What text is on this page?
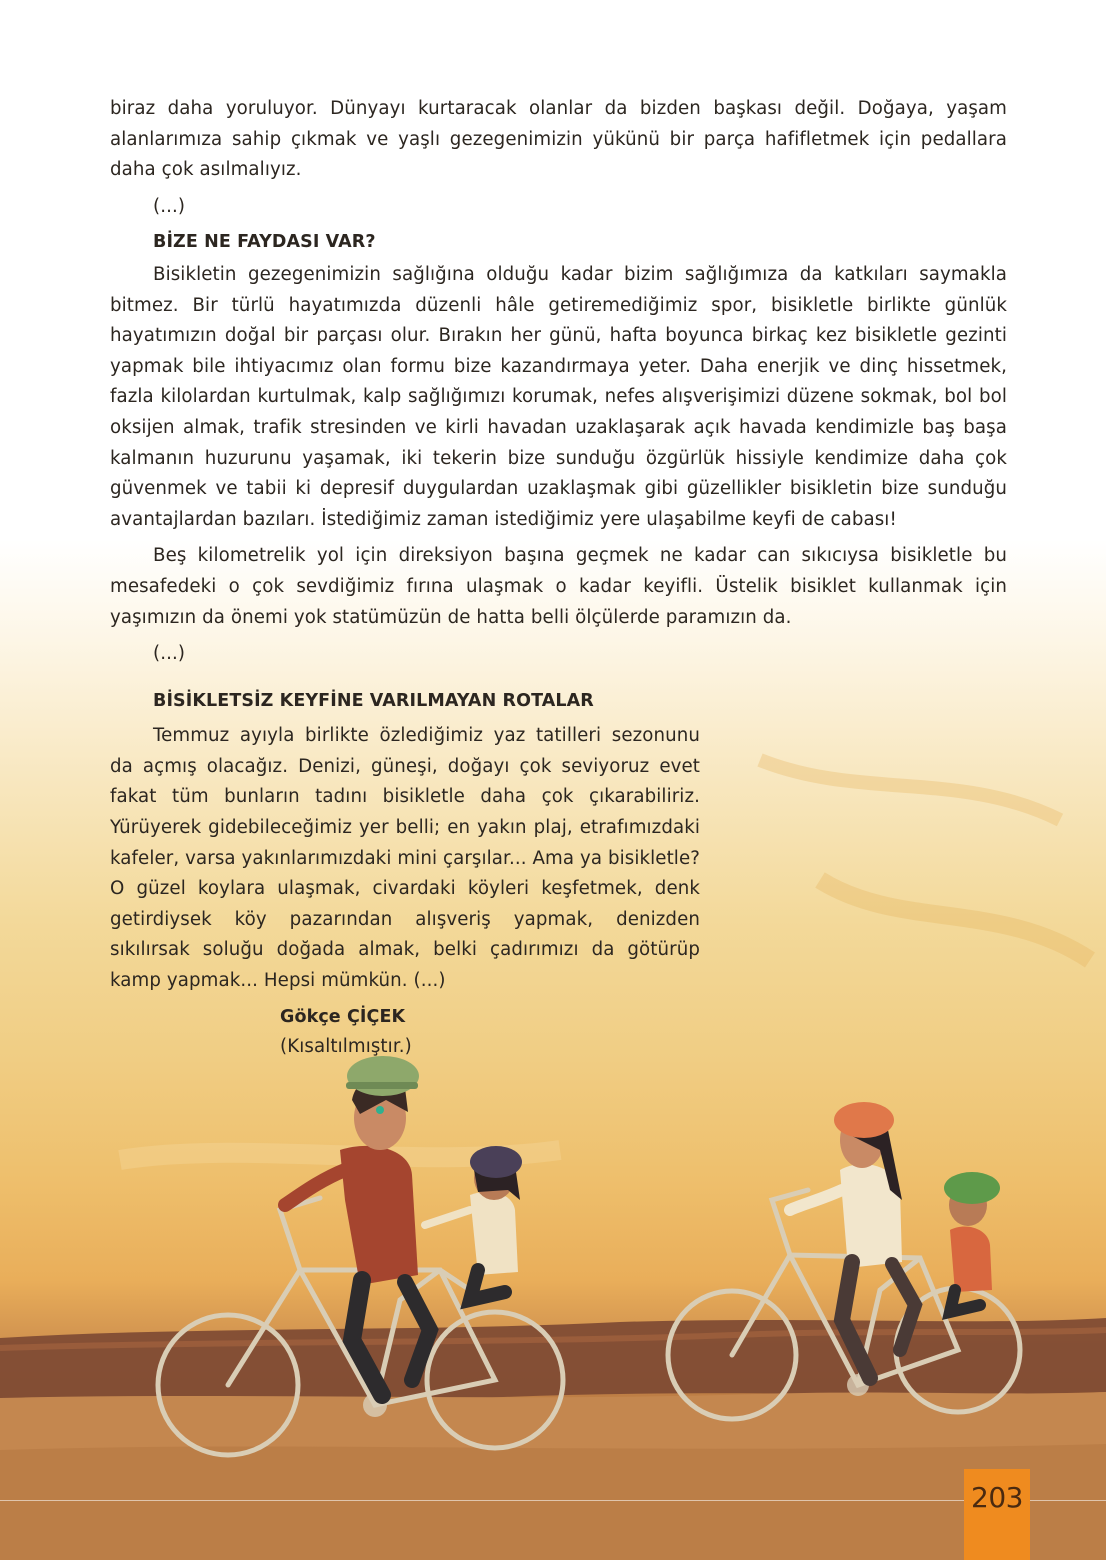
biraz daha yoruluyor. Dünyayı kurtaracak olanlar da bizden başkası değil. Doğaya, yaşam alanlarımıza sahip çıkmak ve yaşlı gezegenimizin yükünü bir parça hafifletmek için pedallara daha çok asılmalıyız.

(...)

BİZE NE FAYDASI VAR?

Bisikletin gezegenimizin sağlığına olduğu kadar bizim sağlığımıza da katkıları saymakla bitmez. Bir türlü hayatımızda düzenli hâle getiremediğimiz spor, bisikletle birlikte günlük hayatımızın doğal bir parçası olur. Bırakın her günü, hafta boyunca birkaç kez bisikletle gezinti yapmak bile ihtiyacımız olan formu bize kazandırmaya yeter. Daha enerjik ve dinç hissetmek, fazla kilolardan kurtulmak, kalp sağlığımızı korumak, nefes alışverişimizi düzene sokmak, bol bol oksijen almak, trafik stresinden ve kirli havadan uzaklaşarak açık havada kendimizle baş başa kalmanın huzurunu yaşamak, iki tekerin bize sunduğu özgürlük hissiyle kendimize daha çok güvenmek ve tabii ki depresif duygulardan uzaklaşmak gibi güzellikler bisikletin bize sunduğu avantajlardan bazıları. İstediğimiz zaman istediğimiz yere ulaşabilme keyfi de cabası!

Beş kilometrelik yol için direksiyon başına geçmek ne kadar can sıkıcıysa bisikletle bu mesafedeki o çok sevdiğimiz fırına ulaşmak o kadar keyifli. Üstelik bisiklet kullanmak için yaşımızın da önemi yok statümüzün de hatta belli ölçülerde paramızın da.

(...)

BİSİKLETSİZ KEYFİNE VARILMAYAN ROTALAR

Temmuz ayıyla birlikte özlediğimiz yaz tatilleri sezonunu da açmış olacağız. Denizi, güneşi, doğayı çok seviyoruz evet fakat tüm bunların tadını bisikletle daha çok çıkarabiliriz. Yürüyerek gidebileceğimiz yer belli; en yakın plaj, etrafımızdaki kafeler, varsa yakınlarımızdaki mini çarşılar... Ama ya bisikletle? O güzel koylara ulaşmak, civardaki köyleri keşfetmek, denk getirdiysek köy pazarından alışveriş yapmak, denizden sıkılırsak soluğu doğada almak, belki çadırımızı da götürüp kamp yapmak... Hepsi mümkün. (...)

Gökçe ÇİÇEK
(Kısaltılmıştır.)

203
